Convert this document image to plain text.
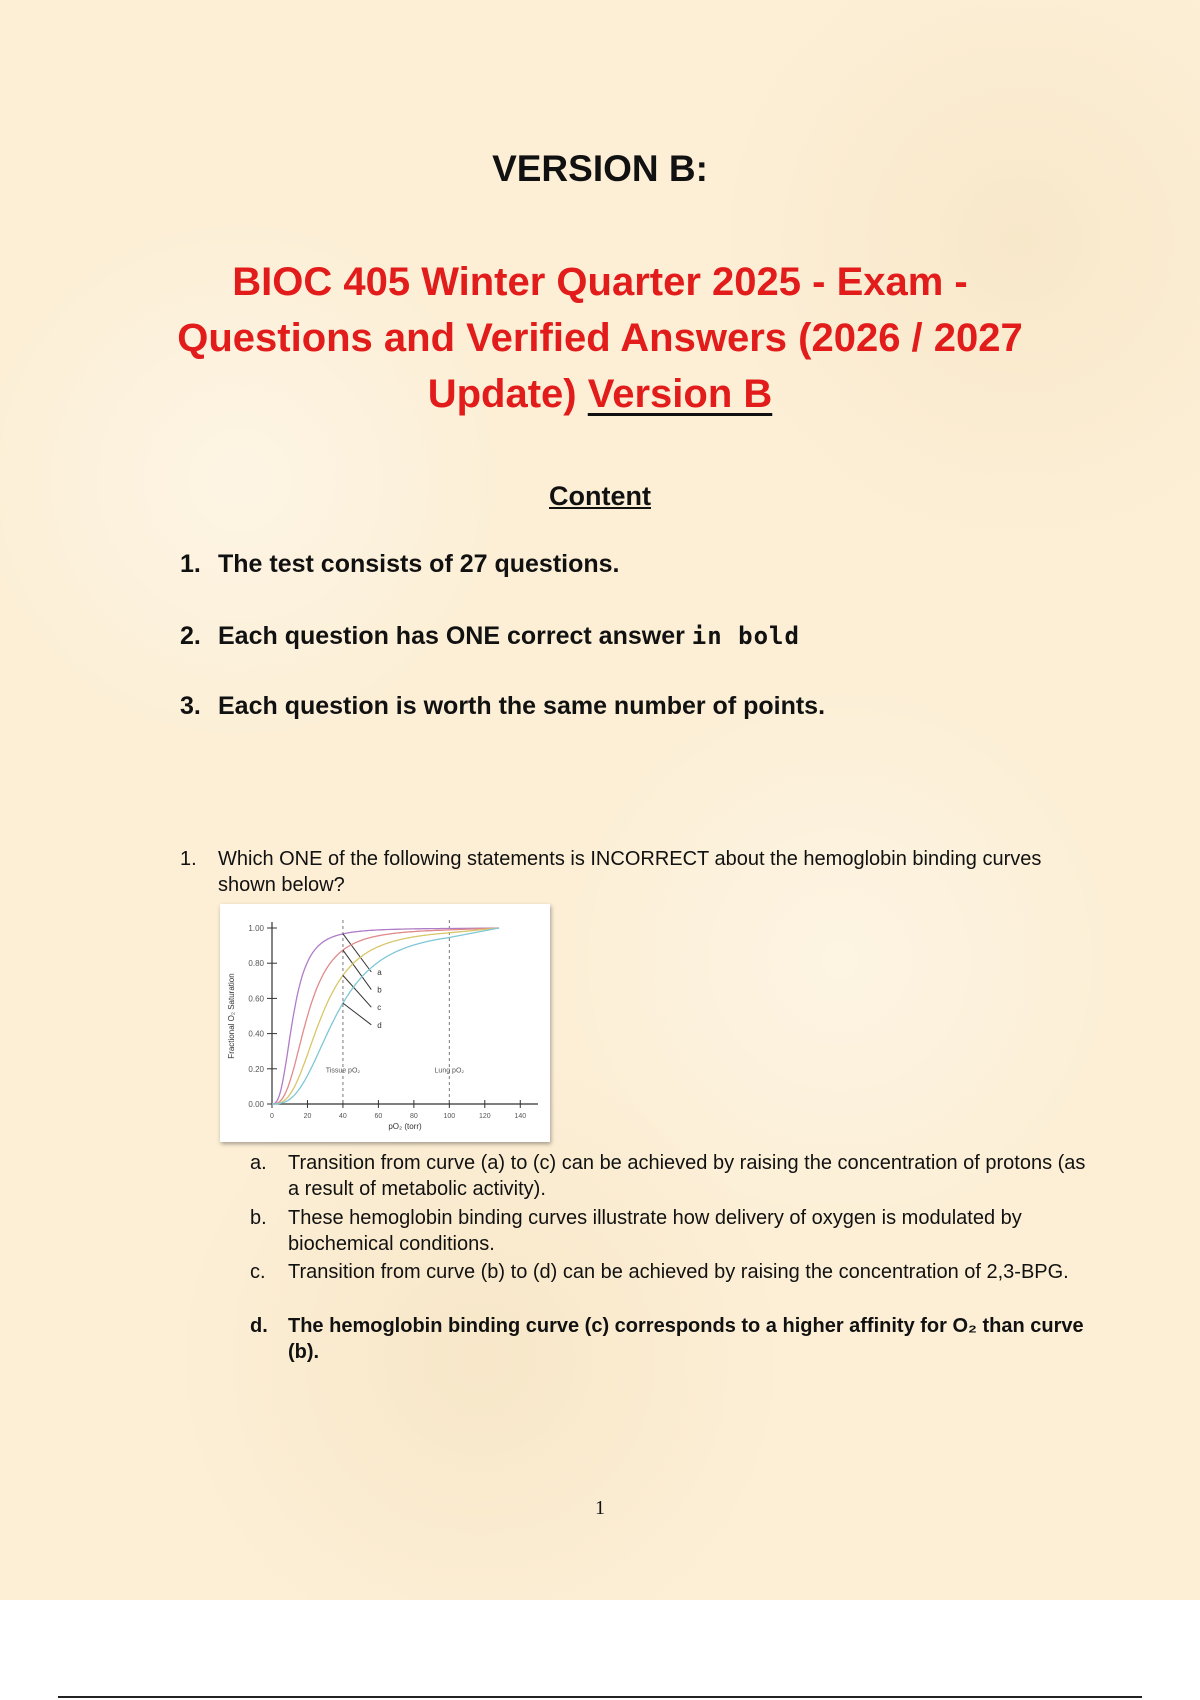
VERSION B:
BIOC 405 Winter Quarter 2025 - Exam -
Questions and Verified Answers (2026 / 2027
Update) Version B
Content
1. The test consists of 27 questions.
2. Each question has ONE correct answer in bold
3. Each question is worth the same number of points.
1. Which ONE of the following statements is INCORRECT about the hemoglobin binding curves shown below?
0.00
0.20
0.40
0.60
0.80
1.00
0	20	40	60	80	100	120	140
pO₂ (torr)
Fractional O₂ Saturation
Tissue pO₂	Lung pO₂
a
b
c
d
a. Transition from curve (a) to (c) can be achieved by raising the concentration of protons (as a result of metabolic activity).
b. These hemoglobin binding curves illustrate how delivery of oxygen is modulated by biochemical conditions.
c. Transition from curve (b) to (d) can be achieved by raising the concentration of 2,3-BPG.
d. The hemoglobin binding curve (c) corresponds to a higher affinity for O₂ than curve (b).
1
